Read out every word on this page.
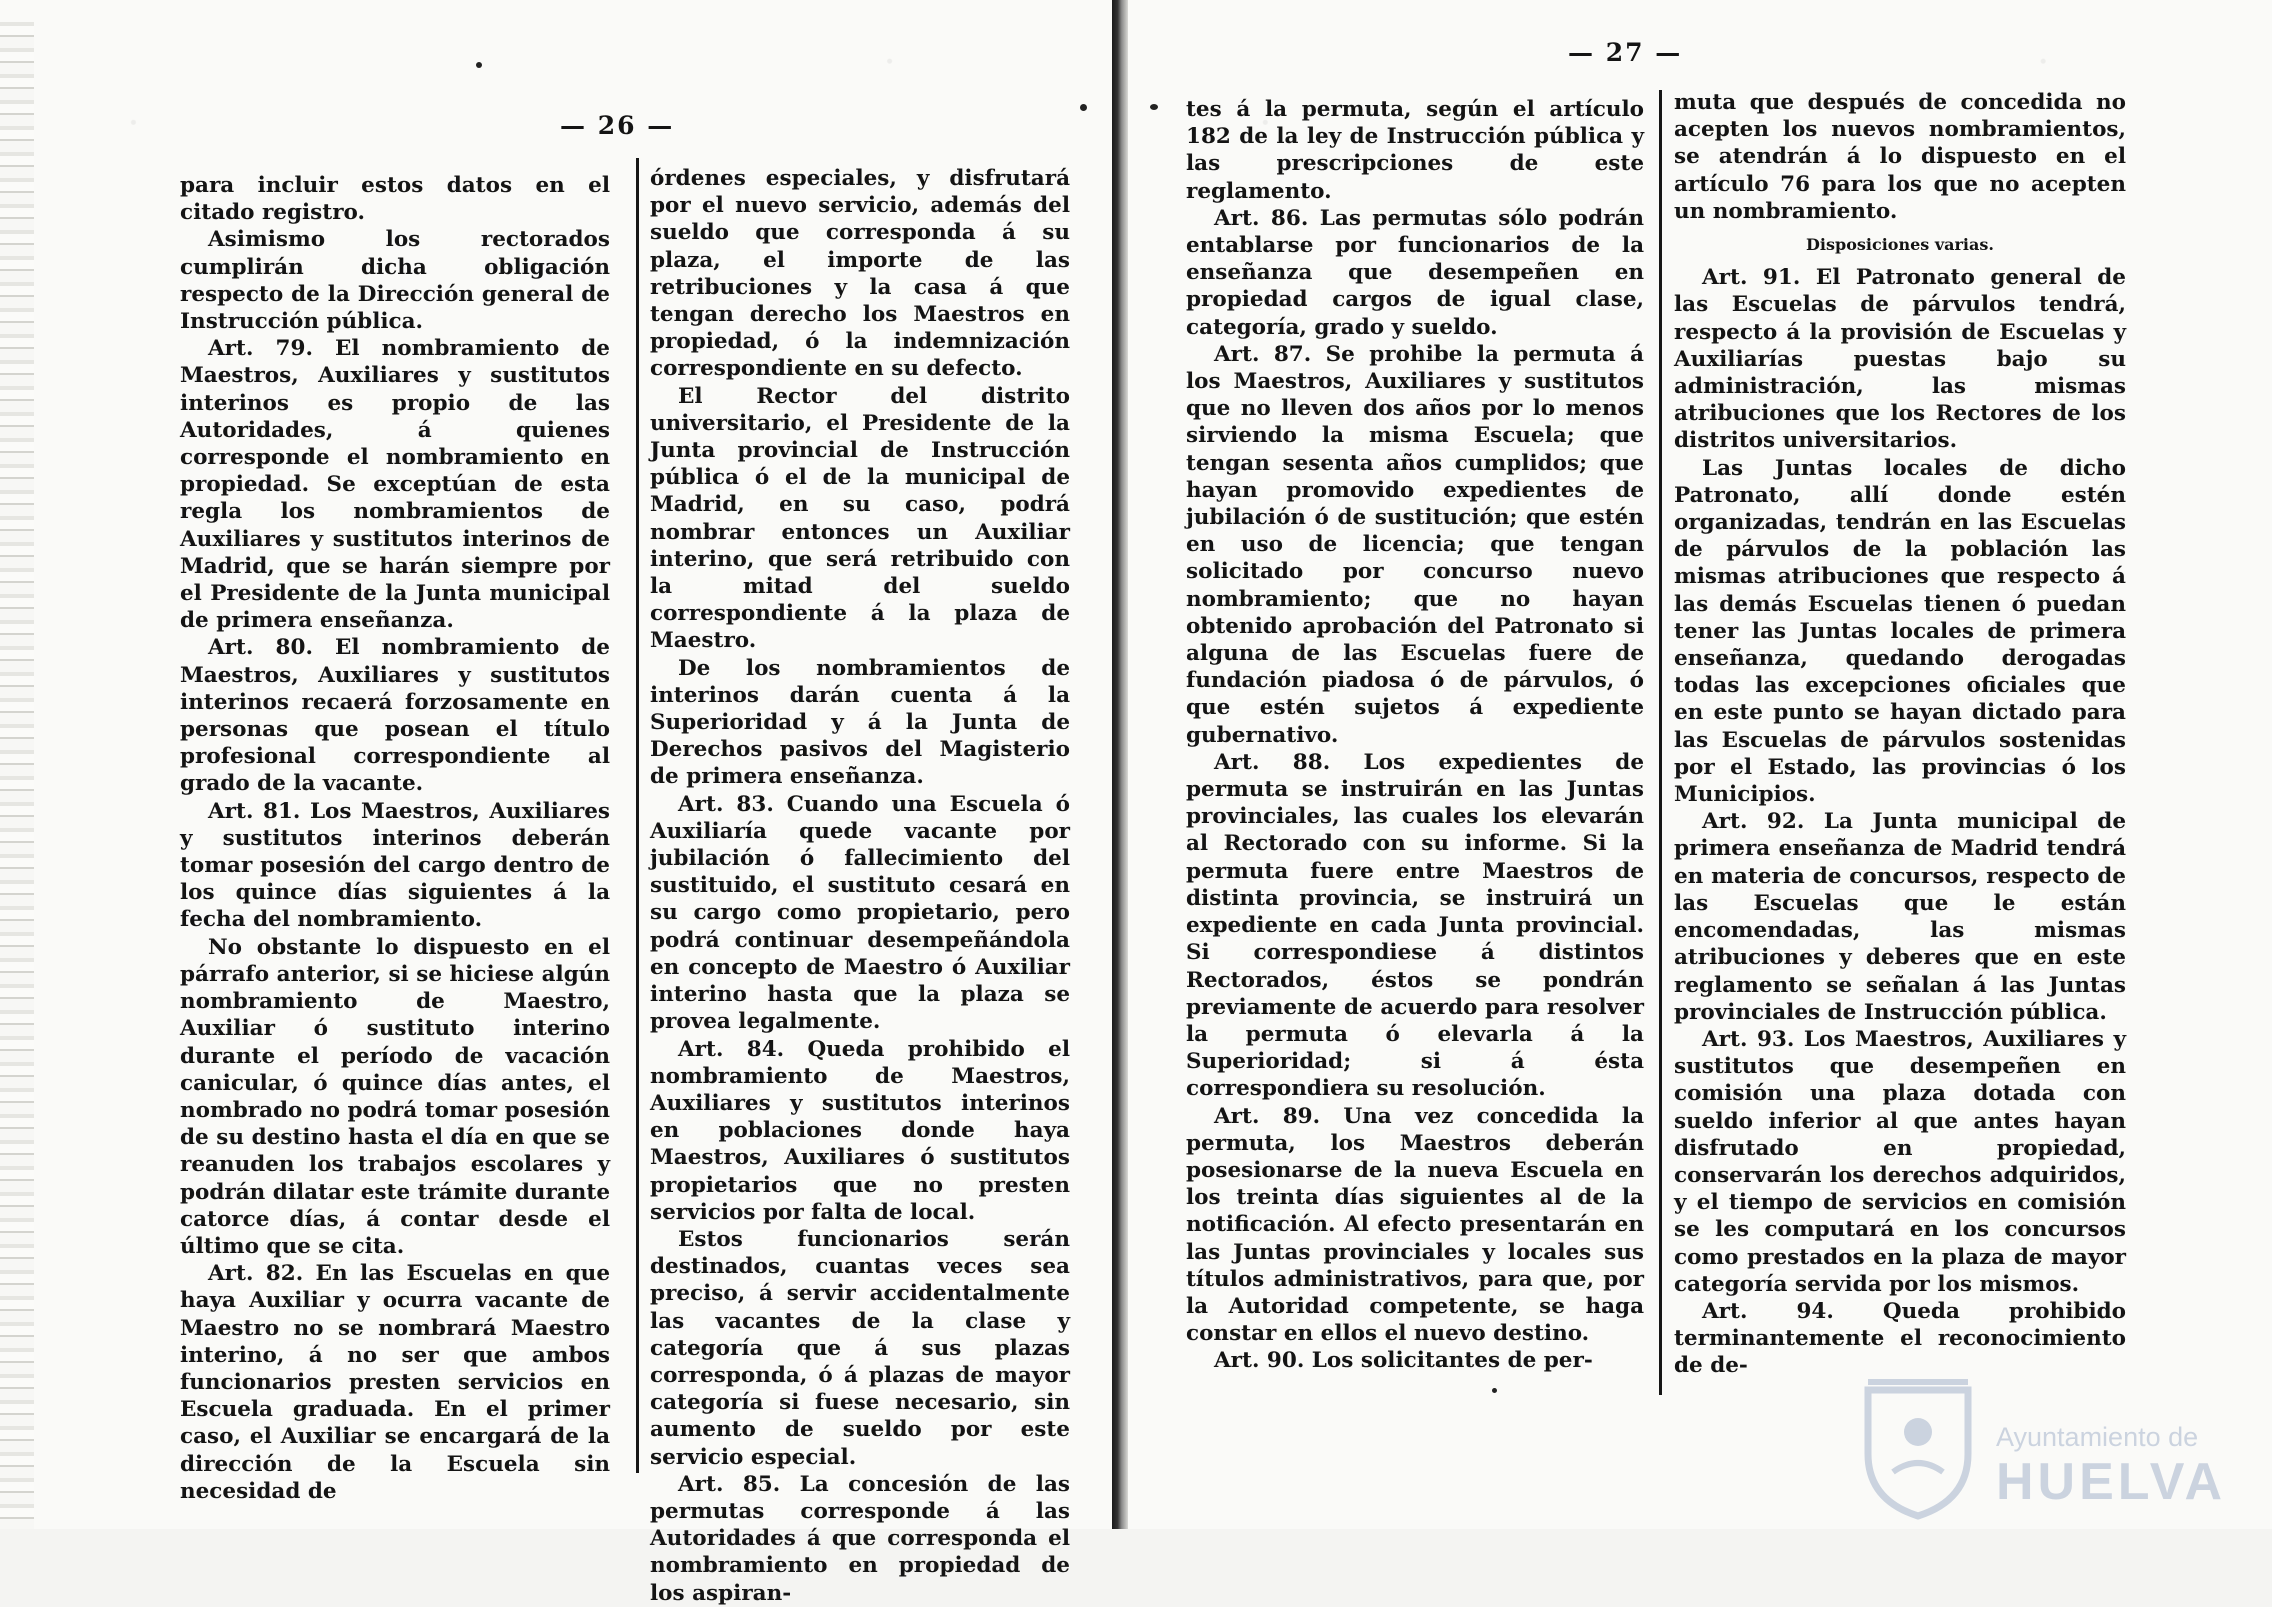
— 26 —

para incluir estos datos en el citado registro.

Asimismo los rectorados cumplirán dicha obligación respecto de la Dirección general de Instrucción pública.

Art. 79. El nombramiento de Maestros, Auxiliares y sustitutos interinos es propio de las Autoridades, á quienes corresponde el nombramiento en propiedad. Se exceptúan de esta regla los nombramientos de Auxiliares y sustitutos interinos de Madrid, que se harán siempre por el Presidente de la Junta municipal de primera enseñanza.

Art. 80. El nombramiento de Maestros, Auxiliares y sustitutos interinos recaerá forzosamente en personas que posean el título profesional correspondiente al grado de la vacante.

Art. 81. Los Maestros, Auxiliares y sustitutos interinos deberán tomar posesión del cargo dentro de los quince días siguientes á la fecha del nombramiento.

No obstante lo dispuesto en el párrafo anterior, si se hiciese algún nombramiento de Maestro, Auxiliar ó sustituto interino durante el período de vacación canicular, ó quince días antes, el nombrado no podrá tomar posesión de su destino hasta el día en que se reanuden los trabajos escolares y podrán dilatar este trámite durante catorce días, á contar desde el último que se cita.

Art. 82. En las Escuelas en que haya Auxiliar y ocurra vacante de Maestro no se nombrará Maestro interino, á no ser que ambos funcionarios presten servicios en Escuela graduada. En el primer caso, el Auxiliar se encargará de la dirección de la Escuela sin necesidad de

órdenes especiales, y disfrutará por el nuevo servicio, además del sueldo que corresponda á su plaza, el importe de las retribuciones y la casa á que tengan derecho los Maestros en propiedad, ó la indemnización correspondiente en su defecto.

El Rector del distrito universitario, el Presidente de la Junta provincial de Instrucción pública ó el de la municipal de Madrid, en su caso, podrá nombrar entonces un Auxiliar interino, que será retribuido con la mitad del sueldo correspondiente á la plaza de Maestro.

De los nombramientos de interinos darán cuenta á la Superioridad y á la Junta de Derechos pasivos del Magisterio de primera enseñanza.

Art. 83. Cuando una Escuela ó Auxiliaría quede vacante por jubilación ó fallecimiento del sustituido, el sustituto cesará en su cargo como propietario, pero podrá continuar desempeñándola en concepto de Maestro ó Auxiliar interino hasta que la plaza se provea legalmente.

Art. 84. Queda prohibido el nombramiento de Maestros, Auxiliares y sustitutos interinos en poblaciones donde haya Maestros, Auxiliares ó sustitutos propietarios que no presten servicios por falta de local.

Estos funcionarios serán destinados, cuantas veces sea preciso, á servir accidentalmente las vacantes de la clase y categoría que á sus plazas corresponda, ó á plazas de mayor categoría si fuese necesario, sin aumento de sueldo por este servicio especial.

Art. 85. La concesión de las permutas corresponde á las Autoridades á que corresponda el nombramiento en propiedad de los aspiran-

— 27 —

tes á la permuta, según el artículo 182 de la ley de Instrucción pública y las prescripciones de este reglamento.

Art. 86. Las permutas sólo podrán entablarse por funcionarios de la enseñanza que desempeñen en propiedad cargos de igual clase, categoría, grado y sueldo.

Art. 87. Se prohibe la permuta á los Maestros, Auxiliares y sustitutos que no lleven dos años por lo menos sirviendo la misma Escuela; que tengan sesenta años cumplidos; que hayan promovido expedientes de jubilación ó de sustitución; que estén en uso de licencia; que tengan solicitado por concurso nuevo nombramiento; que no hayan obtenido aprobación del Patronato si alguna de las Escuelas fuere de fundación piadosa ó de párvulos, ó que estén sujetos á expediente gubernativo.

Art. 88. Los expedientes de permuta se instruirán en las Juntas provinciales, las cuales los elevarán al Rectorado con su informe. Si la permuta fuere entre Maestros de distinta provincia, se instruirá un expediente en cada Junta provincial. Si correspondiese á distintos Rectorados, éstos se pondrán previamente de acuerdo para resolver la permuta ó elevarla á la Superioridad; si á ésta correspondiera su resolución.

Art. 89. Una vez concedida la permuta, los Maestros deberán posesionarse de la nueva Escuela en los treinta días siguientes al de la notificación. Al efecto presentarán en las Juntas provinciales y locales sus títulos administrativos, para que, por la Autoridad competente, se haga constar en ellos el nuevo destino.

Art. 90. Los solicitantes de per-

muta que después de concedida no acepten los nuevos nombramientos, se atendrán á lo dispuesto en el artículo 76 para los que no acepten un nombramiento.

Disposiciones varias.

Art. 91. El Patronato general de las Escuelas de párvulos tendrá, respecto á la provisión de Escuelas y Auxiliarías puestas bajo su administración, las mismas atribuciones que los Rectores de los distritos universitarios.

Las Juntas locales de dicho Patronato, allí donde estén organizadas, tendrán en las Escuelas de párvulos de la población las mismas atribuciones que respecto á las demás Escuelas tienen ó puedan tener las Juntas locales de primera enseñanza, quedando derogadas todas las excepciones oficiales que en este punto se hayan dictado para las Escuelas de párvulos sostenidas por el Estado, las provincias ó los Municipios.

Art. 92. La Junta municipal de primera enseñanza de Madrid tendrá en materia de concursos, respecto de las Escuelas que le están encomendadas, las mismas atribuciones y deberes que en este reglamento se señalan á las Juntas provinciales de Instrucción pública.

Art. 93. Los Maestros, Auxiliares y sustitutos que desempeñen en comisión una plaza dotada con sueldo inferior al que antes hayan disfrutado en propiedad, conservarán los derechos adquiridos, y el tiempo de servicios en comisión se les computará en los concursos como prestados en la plaza de mayor categoría servida por los mismos.

Art. 94. Queda prohibido terminantemente el reconocimiento de de-

Ayuntamiento de
HUELVA
